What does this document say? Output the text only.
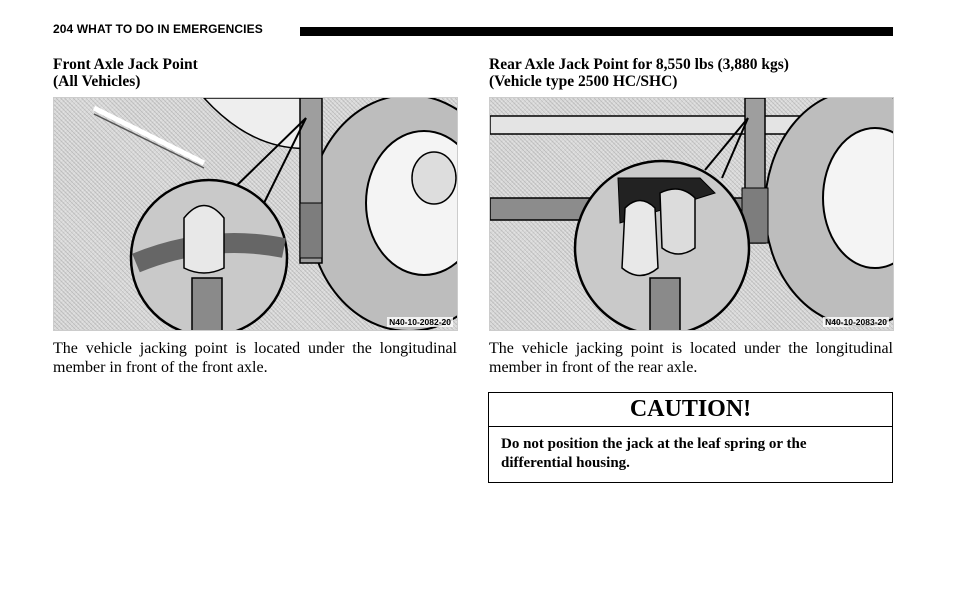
204 WHAT TO DO IN EMERGENCIES

Front Axle Jack Point
(All Vehicles)

N40-10-2082-20

The vehicle jacking point is located under the longitudinal member in front of the front axle.

Rear Axle Jack Point for 8,550 lbs (3,880 kgs)
(Vehicle type 2500 HC/SHC)

N40-10-2083-20

The vehicle jacking point is located under the longitudinal member in front of the rear axle.

CAUTION!
Do not position the jack at the leaf spring or the differential housing.
